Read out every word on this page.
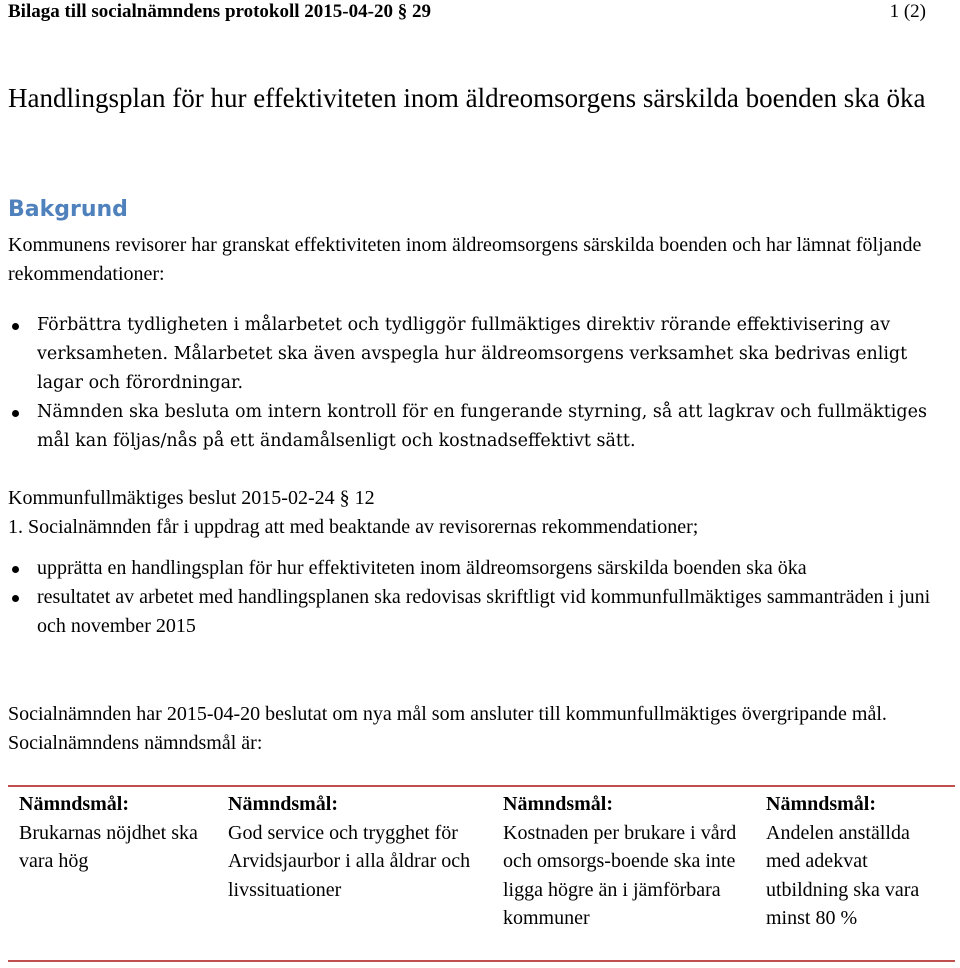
Bilaga till socialnämndens protokoll 2015-04-20 § 29	1 (2)
Handlingsplan för hur effektiviteten inom äldreomsorgens särskilda boenden ska öka
Bakgrund
Kommunens revisorer har granskat effektiviteten inom äldreomsorgens särskilda boenden och har lämnat följande rekommendationer:
Förbättra tydligheten i målarbetet och tydliggör fullmäktiges direktiv rörande effektivisering av verksamheten. Målarbetet ska även avspegla hur äldreomsorgens verksamhet ska bedrivas enligt lagar och förordningar.
Nämnden ska besluta om intern kontroll för en fungerande styrning, så att lagkrav och fullmäktiges mål kan följas/nås på ett ändamålsenligt och kostnadseffektivt sätt.
Kommunfullmäktiges beslut 2015-02-24 § 12
1. Socialnämnden får i uppdrag att med beaktande av revisorernas rekommendationer;
upprätta en handlingsplan för hur effektiviteten inom äldreomsorgens särskilda boenden ska öka
resultatet av arbetet med handlingsplanen ska redovisas skriftligt vid kommunfullmäktiges sammanträden i juni och november 2015
Socialnämnden har 2015-04-20 beslutat om nya mål som ansluter till kommunfullmäktiges övergripande mål. Socialnämndens nämndsmål är:
Nämndsmål:
Brukarnas nöjdhet ska vara hög
Nämndsmål:
God service och trygghet för Arvidsjaurbor i alla åldrar och livssituationer
Nämndsmål:
Kostnaden per brukare i vård och omsorgs-boende ska inte ligga högre än i jämförbara kommuner
Nämndsmål:
Andelen anställda med adekvat utbildning ska vara minst 80 %
